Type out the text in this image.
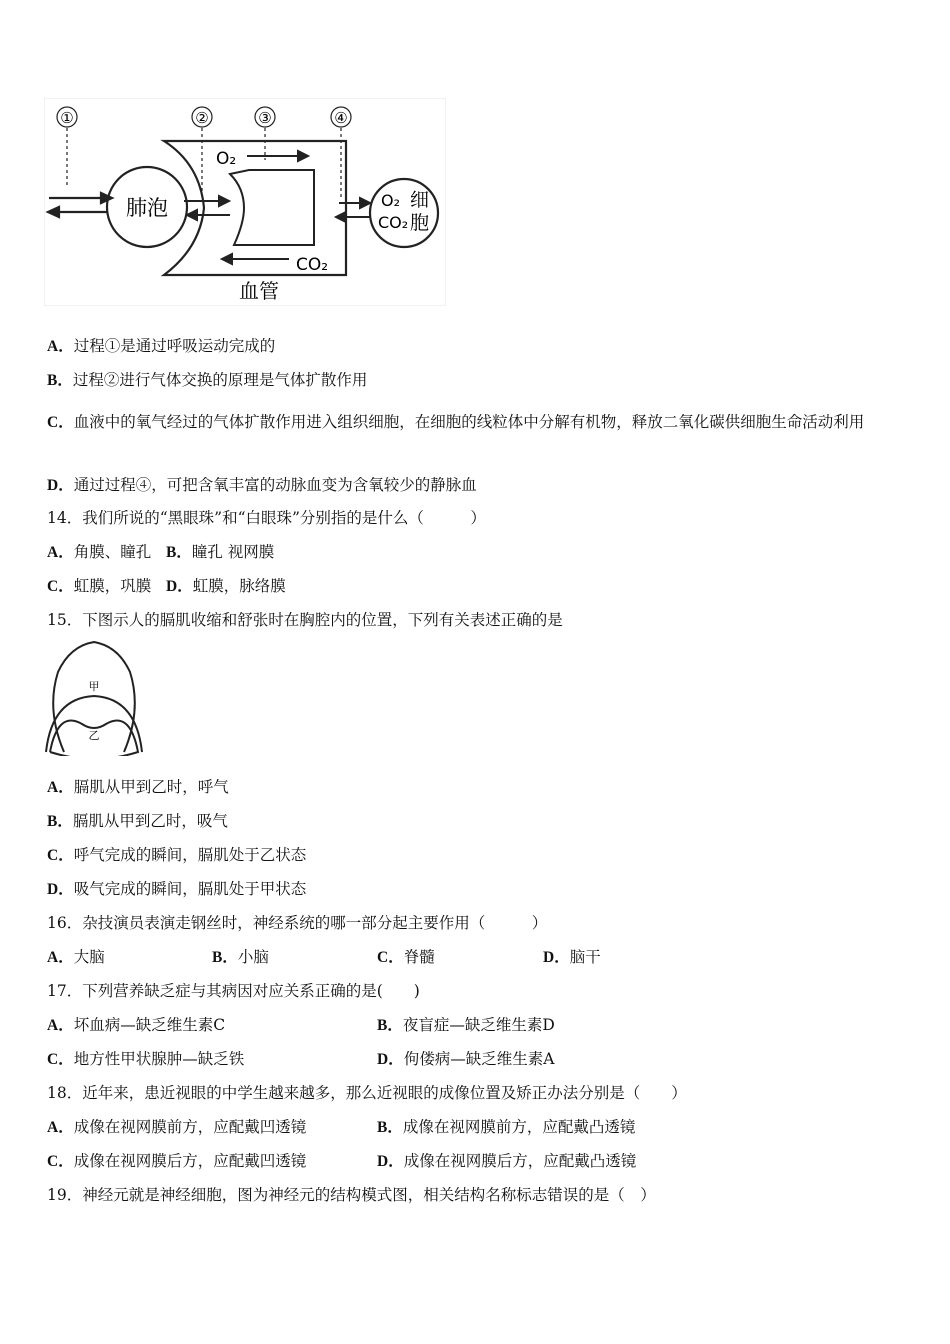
①	②	③	④
肺泡
O₂
CO₂
O₂
CO₂
细
胞
血管
A．过程①是通过呼吸运动完成的
B．过程②进行气体交换的原理是气体扩散作用
C．血液中的氧气经过的气体扩散作用进入组织细胞，在细胞的线粒体中分解有机物，释放二氧化碳供细胞生命活动利用
D．通过过程④，可把含氧丰富的动脉血变为含氧较少的静脉血
14．我们所说的“黑眼珠”和“白眼珠”分别指的是什么（　　　）
A．角膜、瞳孔 B．瞳孔 视网膜
C．虹膜，巩膜 D．虹膜，脉络膜
15．下图示人的膈肌收缩和舒张时在胸腔内的位置，下列有关表述正确的是
甲
乙
A．膈肌从甲到乙时，呼气
B．膈肌从甲到乙时，吸气
C．呼气完成的瞬间，膈肌处于乙状态
D．吸气完成的瞬间，膈肌处于甲状态
16．杂技演员表演走钢丝时，神经系统的哪一部分起主要作用（　　　）
A．大脑	B．小脑	C．脊髓	D．脑干
17．下列营养缺乏症与其病因对应关系正确的是(　　)
A．坏血病—缺乏维生素C	B．夜盲症—缺乏维生素D
C．地方性甲状腺肿—缺乏铁	D．佝偻病—缺乏维生素A
18．近年来，患近视眼的中学生越来越多，那么近视眼的成像位置及矫正办法分别是（　　）
A．成像在视网膜前方，应配戴凹透镜	B．成像在视网膜前方，应配戴凸透镜
C．成像在视网膜后方，应配戴凹透镜	D．成像在视网膜后方，应配戴凸透镜
19．神经元就是神经细胞，图为神经元的结构模式图，相关结构名称标志错误的是（　）
